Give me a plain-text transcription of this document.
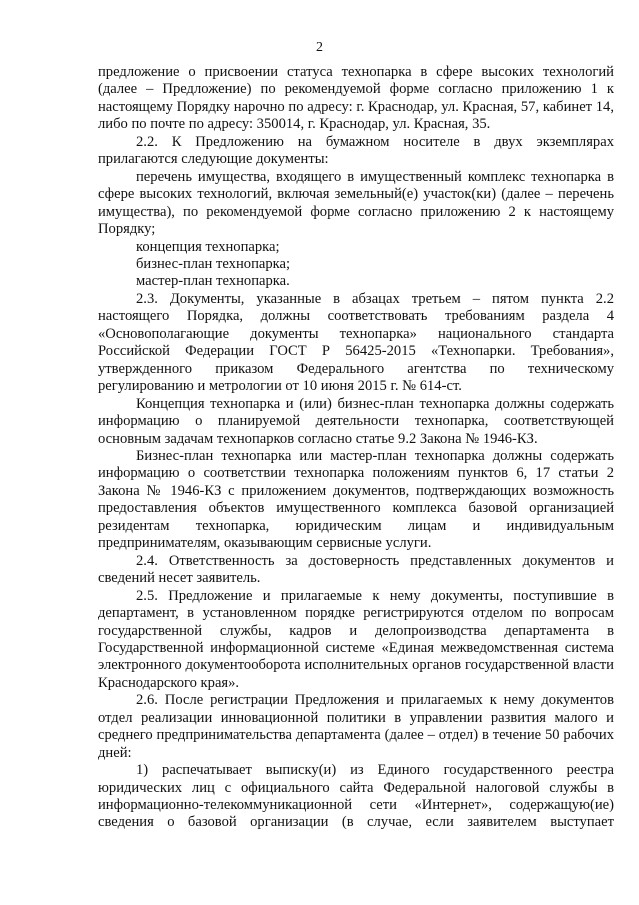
2

предложение о присвоении статуса технопарка в сфере высоких технологий (далее – Предложение) по рекомендуемой форме согласно приложению 1 к настоящему Порядку нарочно по адресу: г. Краснодар, ул. Красная, 57, кабинет 14, либо по почте по адресу: 350014, г. Краснодар, ул. Красная, 35.

2.2. К Предложению на бумажном носителе в двух экземплярах прилагаются следующие документы:

перечень имущества, входящего в имущественный комплекс технопарка в сфере высоких технологий, включая земельный(е) участок(ки) (далее – перечень имущества), по рекомендуемой форме согласно приложению 2 к настоящему Порядку;

концепция технопарка;

бизнес-план технопарка;

мастер-план технопарка.

2.3. Документы, указанные в абзацах третьем – пятом пункта 2.2 настоящего Порядка, должны соответствовать требованиям раздела 4 «Основополагающие документы технопарка» национального стандарта Российской Федерации ГОСТ Р 56425-2015 «Технопарки. Требования», утвержденного приказом Федерального агентства по техническому регулированию и метрологии от 10 июня 2015 г. № 614-ст.

Концепция технопарка и (или) бизнес-план технопарка должны содержать информацию о планируемой деятельности технопарка, соответствующей основным задачам технопарков согласно статье 9.2 Закона № 1946-КЗ.

Бизнес-план технопарка или мастер-план технопарка должны содержать информацию о соответствии технопарка положениям пунктов 6, 17 статьи 2 Закона № 1946-КЗ с приложением документов, подтверждающих возможность предоставления объектов имущественного комплекса базовой организацией резидентам технопарка, юридическим лицам и индивидуальным предпринимателям, оказывающим сервисные услуги.

2.4. Ответственность за достоверность представленных документов и сведений несет заявитель.

2.5. Предложение и прилагаемые к нему документы, поступившие в департамент, в установленном порядке регистрируются отделом по вопросам государственной службы, кадров и делопроизводства департамента в Государственной информационной системе «Единая межведомственная система электронного документооборота исполнительных органов государственной власти Краснодарского края».

2.6. После регистрации Предложения и прилагаемых к нему документов отдел реализации инновационной политики в управлении развития малого и среднего предпринимательства департамента (далее – отдел) в течение 50 рабочих дней:

1) распечатывает выписку(и) из Единого государственного реестра юридических лиц с официального сайта Федеральной налоговой службы в информационно-телекоммуникационной сети «Интернет», содержащую(ие) сведения о базовой организации (в случае, если заявителем выступает
